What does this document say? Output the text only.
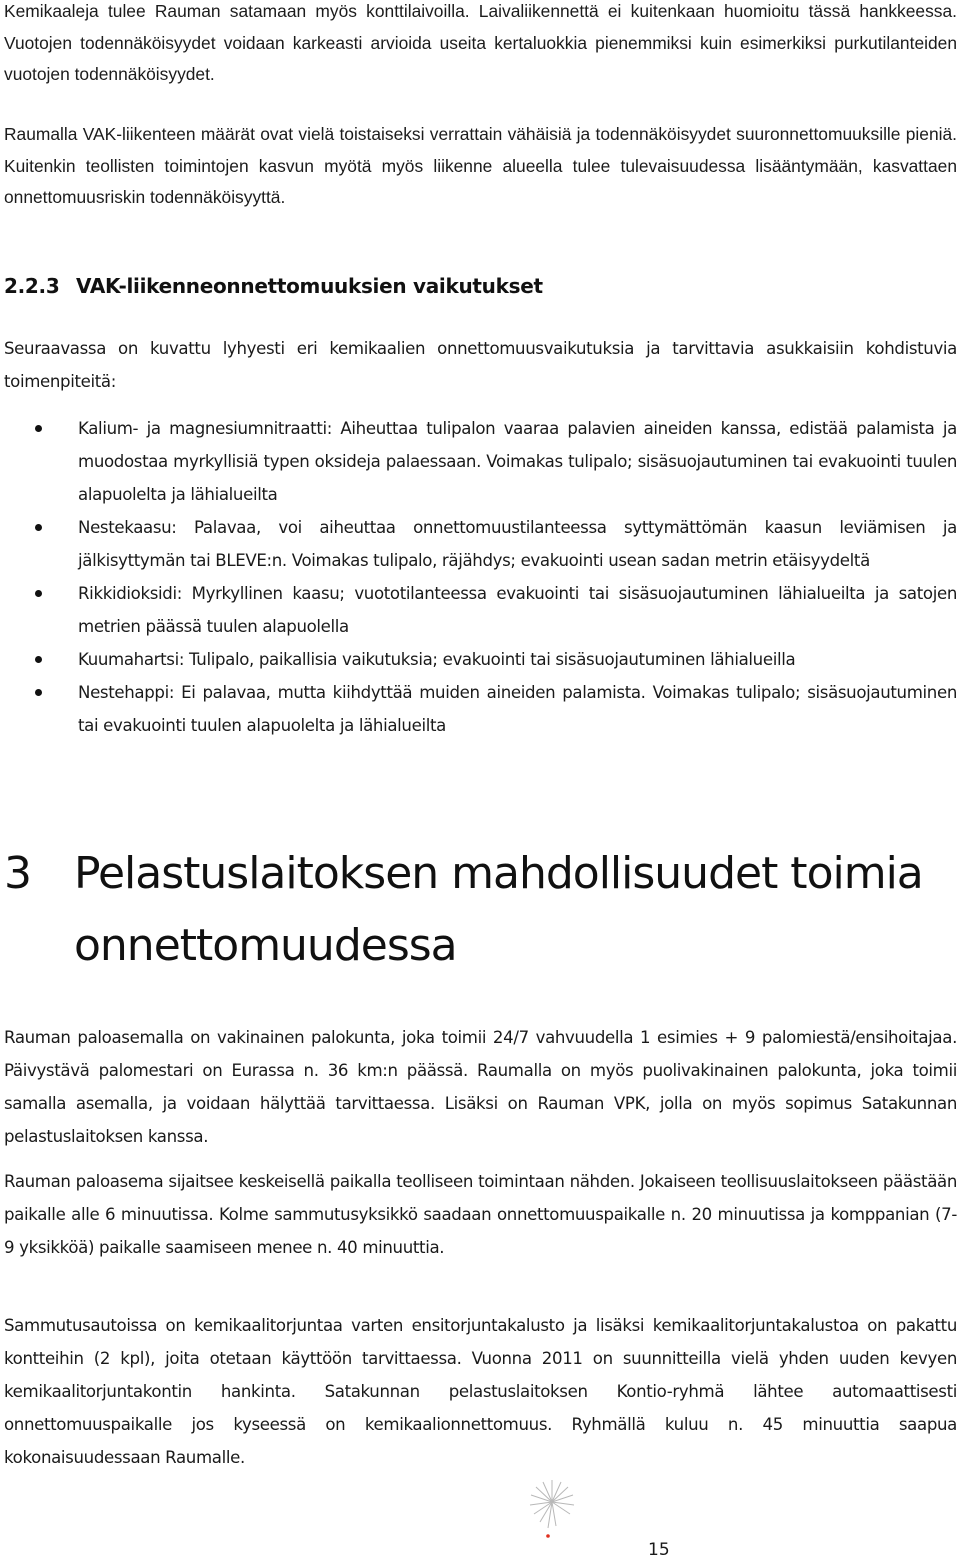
Kemikaaleja tulee Rauman satamaan myös konttilaivoilla. Laivaliikennettä ei kuitenkaan huomioitu tässä hankkeessa. Vuotojen todennäköisyydet voidaan karkeasti arvioida useita kertaluokkia pienemmiksi kuin esimerkiksi purkutilanteiden vuotojen todennäköisyydet.

Raumalla VAK-liikenteen määrät ovat vielä toistaiseksi verrattain vähäisiä ja todennäköisyydet suuronnettomuuksille pieniä. Kuitenkin teollisten toimintojen kasvun myötä myös liikenne alueella tulee tulevaisuudessa lisääntymään, kasvattaen onnettomuusriskin todennäköisyyttä.

2.2.3 VAK-liikenneonnettomuuksien vaikutukset

Seuraavassa on kuvattu lyhyesti eri kemikaalien onnettomuusvaikutuksia ja tarvittavia asukkaisiin kohdistuvia toimenpiteitä:

Kalium- ja magnesiumnitraatti: Aiheuttaa tulipalon vaaraa palavien aineiden kanssa, edistää palamista ja muodostaa myrkyllisiä typen oksideja palaessaan. Voimakas tulipalo; sisäsuojautuminen tai evakuointi tuulen alapuolelta ja lähialueilta
Nestekaasu: Palavaa, voi aiheuttaa onnettomuustilanteessa syttymättömän kaasun leviämisen ja jälkisyttymän tai BLEVE:n. Voimakas tulipalo, räjähdys; evakuointi usean sadan metrin etäisyydeltä
Rikkidioksidi: Myrkyllinen kaasu; vuototilanteessa evakuointi tai sisäsuojautuminen lähialueilta ja satojen metrien päässä tuulen alapuolella
Kuumahartsi: Tulipalo, paikallisia vaikutuksia; evakuointi tai sisäsuojautuminen lähialueilla
Nestehappi: Ei palavaa, mutta kiihdyttää muiden aineiden palamista. Voimakas tulipalo; sisäsuojautuminen tai evakuointi tuulen alapuolelta ja lähialueilta
3 Pelastuslaitoksen mahdollisuudet toimia onnettomuudessa

Rauman paloasemalla on vakinainen palokunta, joka toimii 24/7 vahvuudella 1 esimies + 9 palomiestä/ensihoitajaa. Päivystävä palomestari on Eurassa n. 36 km:n päässä. Raumalla on myös puolivakinainen palokunta, joka toimii samalla asemalla, ja voidaan hälyttää tarvittaessa. Lisäksi on Rauman VPK, jolla on myös sopimus Satakunnan pelastuslaitoksen kanssa.

Rauman paloasema sijaitsee keskeisellä paikalla teolliseen toimintaan nähden. Jokaiseen teollisuuslaitokseen päästään paikalle alle 6 minuutissa. Kolme sammutusyksikkö saadaan onnettomuuspaikalle n. 20 minuutissa ja komppanian (7-9 yksikköä) paikalle saamiseen menee n. 40 minuuttia.

Sammutusautoissa on kemikaalitorjuntaa varten ensitorjuntakalusto ja lisäksi kemikaalitorjuntakalustoa on pakattu kontteihin (2 kpl), joita otetaan käyttöön tarvittaessa. Vuonna 2011 on suunnitteilla vielä yhden uuden kevyen kemikaalitorjuntakontin hankinta. Satakunnan pelastuslaitoksen Kontio-ryhmä lähtee automaattisesti onnettomuuspaikalle jos kyseessä on kemikaalionnettomuus. Ryhmällä kuluu n. 45 minuuttia saapua kokonaisuudessaan Raumalle.

15
